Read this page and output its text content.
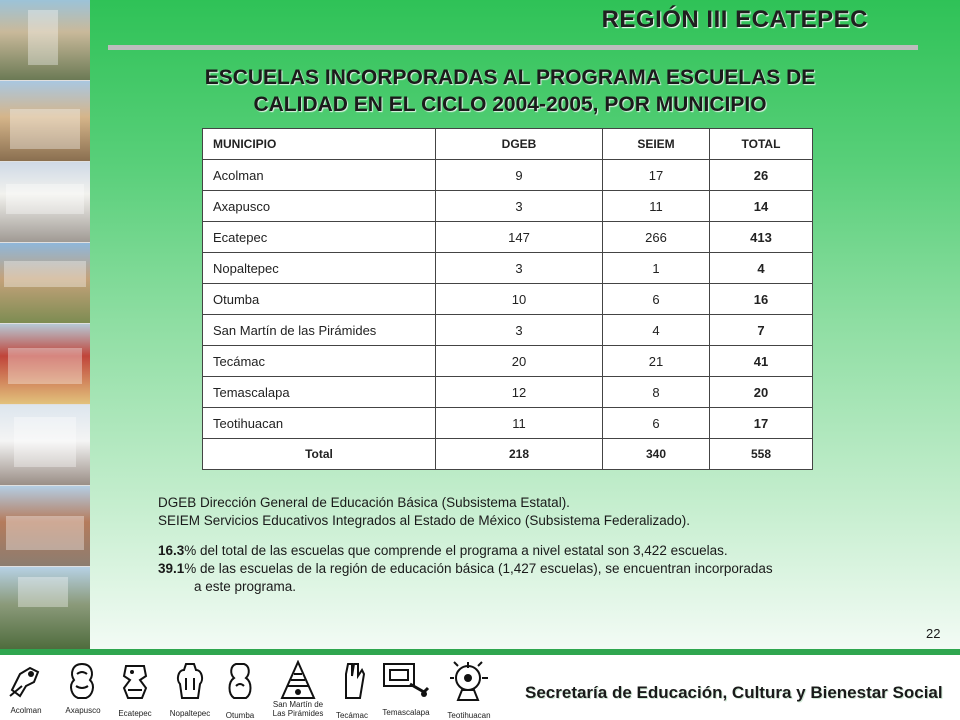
REGIÓN III ECATEPEC
ESCUELAS INCORPORADAS AL PROGRAMA ESCUELAS DE
CALIDAD EN EL CICLO 2004-2005, POR MUNICIPIO
MUNICIPIO	DGEB	SEIEM	TOTAL
Acolman	9	17	26
Axapusco	3	11	14
Ecatepec	147	266	413
Nopaltepec	3	1	4
Otumba	10	6	16
San Martín de las Pirámides	3	4	7
Tecámac	20	21	41
Temascalapa	12	8	20
Teotihuacan	11	6	17
Total	218	340	558

DGEB Dirección General de Educación Básica (Subsistema Estatal).

SEIEM Servicios Educativos Integrados al Estado de México (Subsistema Federalizado).

16.3% del total de las escuelas que comprende el programa a nivel estatal son 3,422 escuelas.

39.1% de las escuelas de la región de educación básica (1,427 escuelas), se encuentran incorporadas

a este programa.

22
Acolman	Axapusco	Ecatepec	Nopaltepec	Otumba
San Martín de
Las Pirámides	Tecámac	Temascalapa	Teotihuacan
Secretaría de Educación, Cultura y Bienestar Social
